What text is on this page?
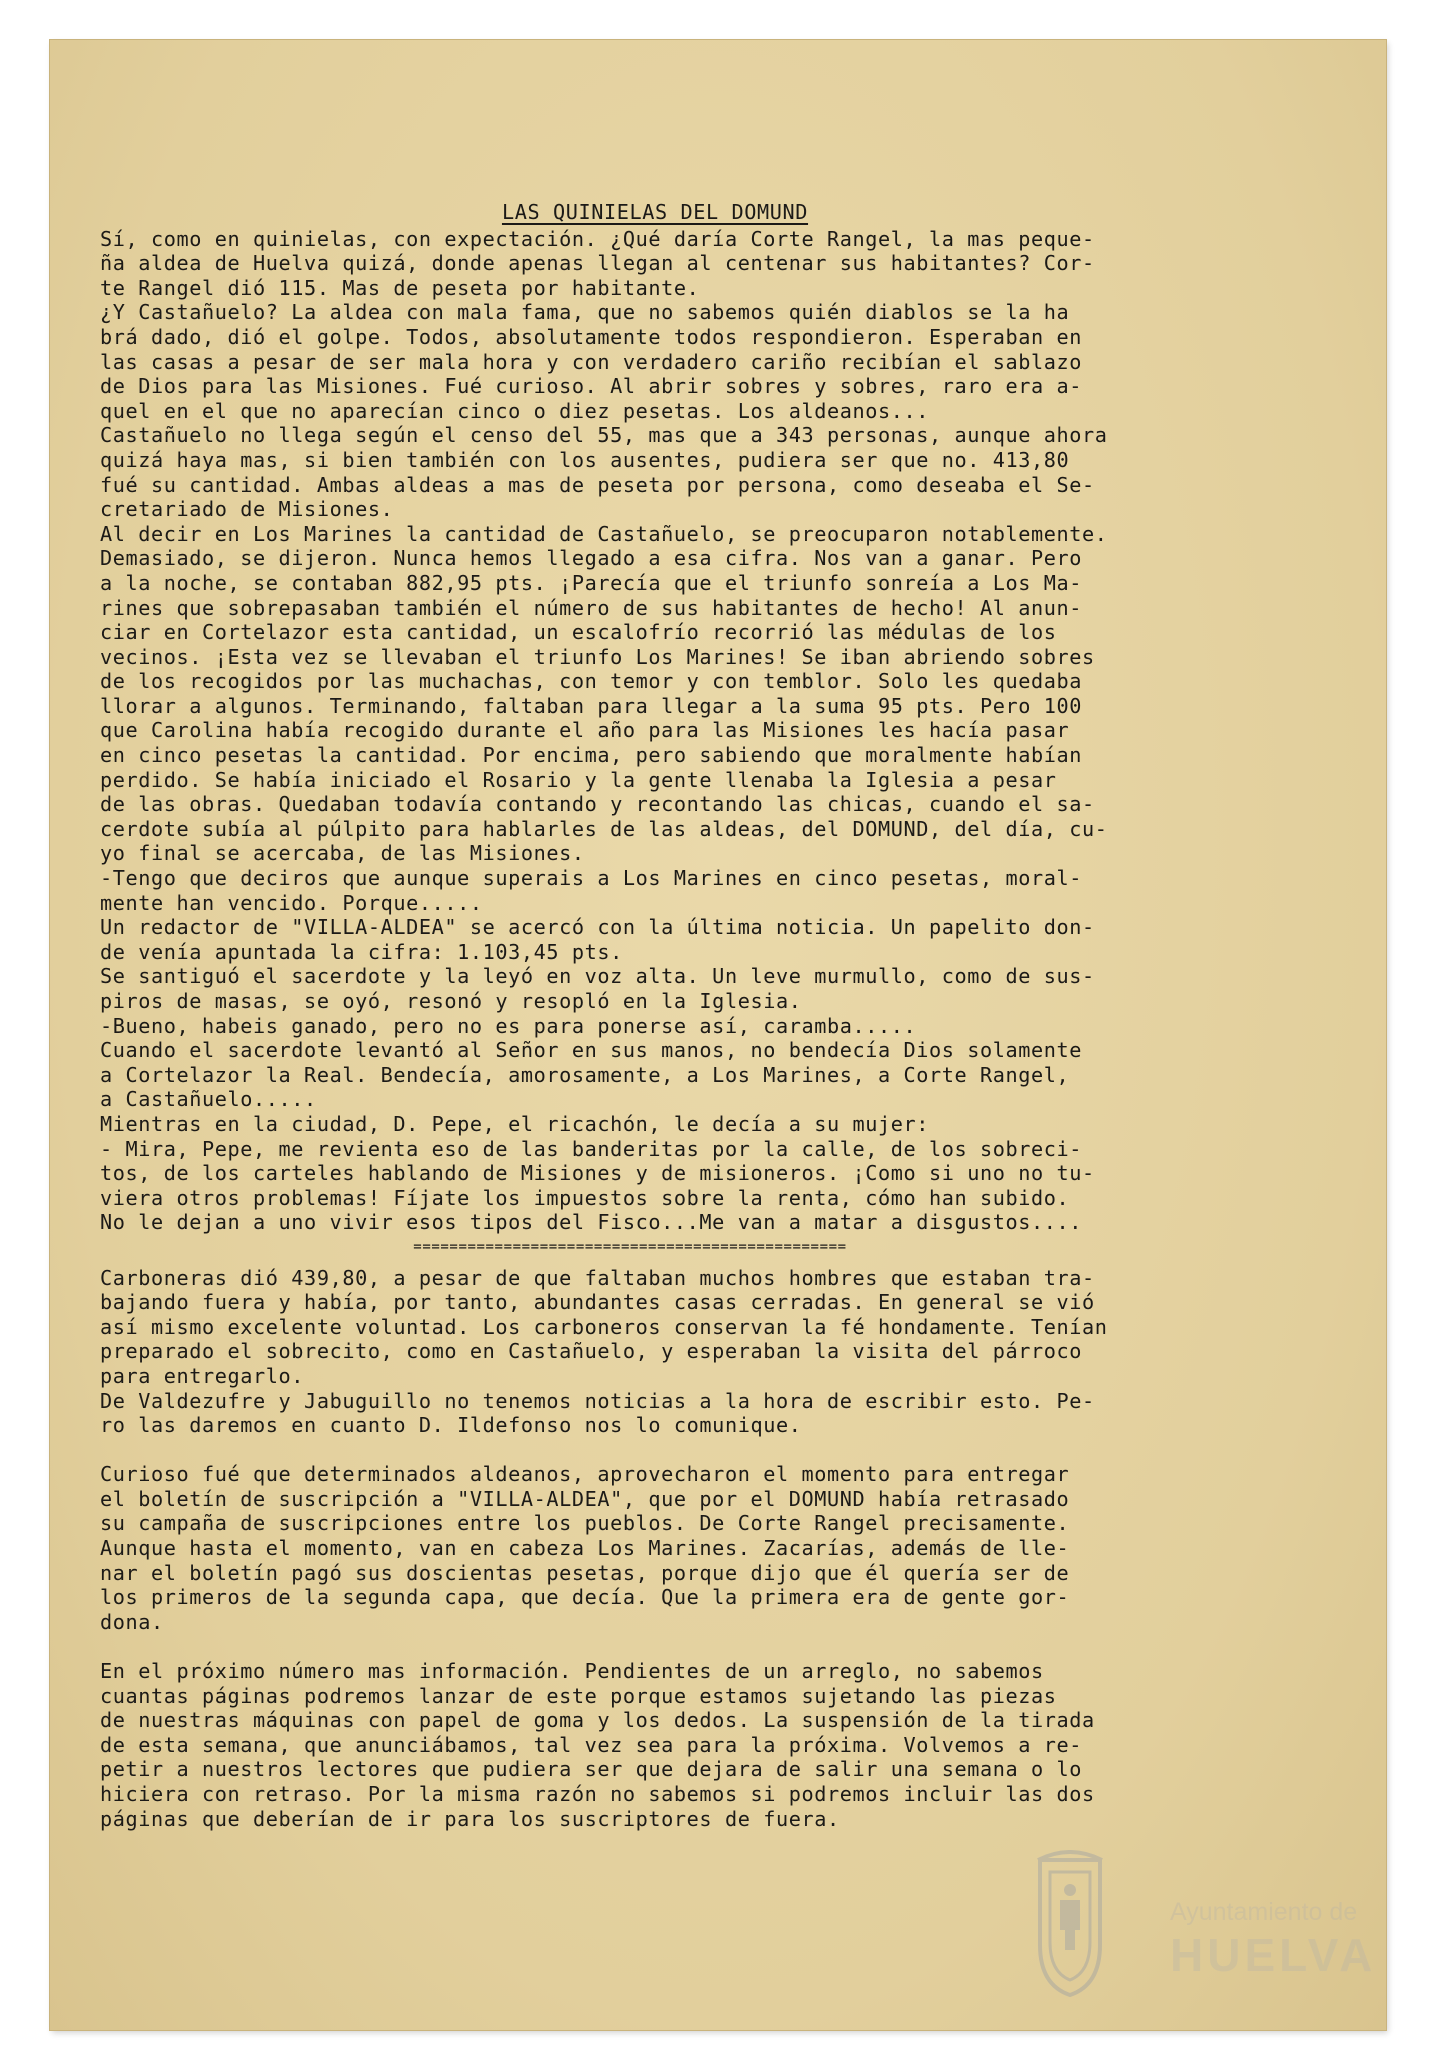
LAS QUINIELAS DEL DOMUND
Sí, como en quinielas, con expectación. ¿Qué daría Corte Rangel, la mas peque-
ña aldea de Huelva quizá, donde apenas llegan al centenar sus habitantes? Cor-
te Rangel dió 115. Mas de peseta por habitante.
¿Y Castañuelo? La aldea con mala fama, que no sabemos quién diablos se la ha
brá dado, dió el golpe. Todos, absolutamente todos respondieron. Esperaban en
las casas a pesar de ser mala hora y con verdadero cariño recibían el sablazo
de Dios para las Misiones. Fué curioso. Al abrir sobres y sobres, raro era a-
quel en el que no aparecían cinco o diez pesetas. Los aldeanos...
Castañuelo no llega según el censo del 55, mas que a 343 personas, aunque ahora
quizá haya mas, si bien también con los ausentes, pudiera ser que no. 413,80
fué su cantidad. Ambas aldeas a mas de peseta por persona, como deseaba el Se-
cretariado de Misiones.
Al decir en Los Marines la cantidad de Castañuelo, se preocuparon notablemente.
Demasiado, se dijeron. Nunca hemos llegado a esa cifra. Nos van a ganar. Pero
a la noche, se contaban 882,95 pts. ¡Parecía que el triunfo sonreía a Los Ma-
rines que sobrepasaban también el número de sus habitantes de hecho! Al anun-
ciar en Cortelazor esta cantidad, un escalofrío recorrió las médulas de los
vecinos. ¡Esta vez se llevaban el triunfo Los Marines! Se iban abriendo sobres
de los recogidos por las muchachas, con temor y con temblor. Solo les quedaba
llorar a algunos. Terminando, faltaban para llegar a la suma 95 pts. Pero 100
que Carolina había recogido durante el año para las Misiones les hacía pasar
en cinco pesetas la cantidad. Por encima, pero sabiendo que moralmente habían
perdido. Se había iniciado el Rosario y la gente llenaba la Iglesia a pesar
de las obras. Quedaban todavía contando y recontando las chicas, cuando el sa-
cerdote subía al púlpito para hablarles de las aldeas, del DOMUND, del día, cu-
yo final se acercaba, de las Misiones.
-Tengo que deciros que aunque superais a Los Marines en cinco pesetas, moral-
mente han vencido. Porque.....
Un redactor de "VILLA-ALDEA" se acercó con la última noticia. Un papelito don-
de venía apuntada la cifra: 1.103,45 pts.
Se santiguó el sacerdote y la leyó en voz alta. Un leve murmullo, como de sus-
piros de masas, se oyó, resonó y resopló en la Iglesia.
-Bueno, habeis ganado, pero no es para ponerse así, caramba.....
Cuando el sacerdote levantó al Señor en sus manos, no bendecía Dios solamente
a Cortelazor la Real. Bendecía, amorosamente, a Los Marines, a Corte Rangel,
a Castañuelo.....
Mientras en la ciudad, D. Pepe, el ricachón, le decía a su mujer:
- Mira, Pepe, me revienta eso de las banderitas por la calle, de los sobreci-
tos, de los carteles hablando de Misiones y de misioneros. ¡Como si uno no tu-
viera otros problemas! Fíjate los impuestos sobre la renta, cómo han subido.
No le dejan a uno vivir esos tipos del Fisco...Me van a matar a disgustos....
================================================
Carboneras dió 439,80, a pesar de que faltaban muchos hombres que estaban tra-
bajando fuera y había, por tanto, abundantes casas cerradas. En general se vió
así mismo excelente voluntad. Los carboneros conservan la fé hondamente. Tenían
preparado el sobrecito, como en Castañuelo, y esperaban la visita del párroco
para entregarlo.
De Valdezufre y Jabuguillo no tenemos noticias a la hora de escribir esto. Pe-
ro las daremos en cuanto D. Ildefonso nos lo comunique.
Curioso fué que determinados aldeanos, aprovecharon el momento para entregar
el boletín de suscripción a "VILLA-ALDEA", que por el DOMUND había retrasado
su campaña de suscripciones entre los pueblos. De Corte Rangel precisamente.
Aunque hasta el momento, van en cabeza Los Marines. Zacarías, además de lle-
nar el boletín pagó sus doscientas pesetas, porque dijo que él quería ser de
los primeros de la segunda capa, que decía. Que la primera era de gente gor-
dona.
En el próximo número mas información. Pendientes de un arreglo, no sabemos
cuantas páginas podremos lanzar de este porque estamos sujetando las piezas
de nuestras máquinas con papel de goma y los dedos. La suspensión de la tirada
de esta semana, que anunciábamos, tal vez sea para la próxima. Volvemos a re-
petir a nuestros lectores que pudiera ser que dejara de salir una semana o lo
hiciera con retraso. Por la misma razón no sabemos si podremos incluir las dos
páginas que deberían de ir para los suscriptores de fuera.
Ayuntamiento de
HUELVA
